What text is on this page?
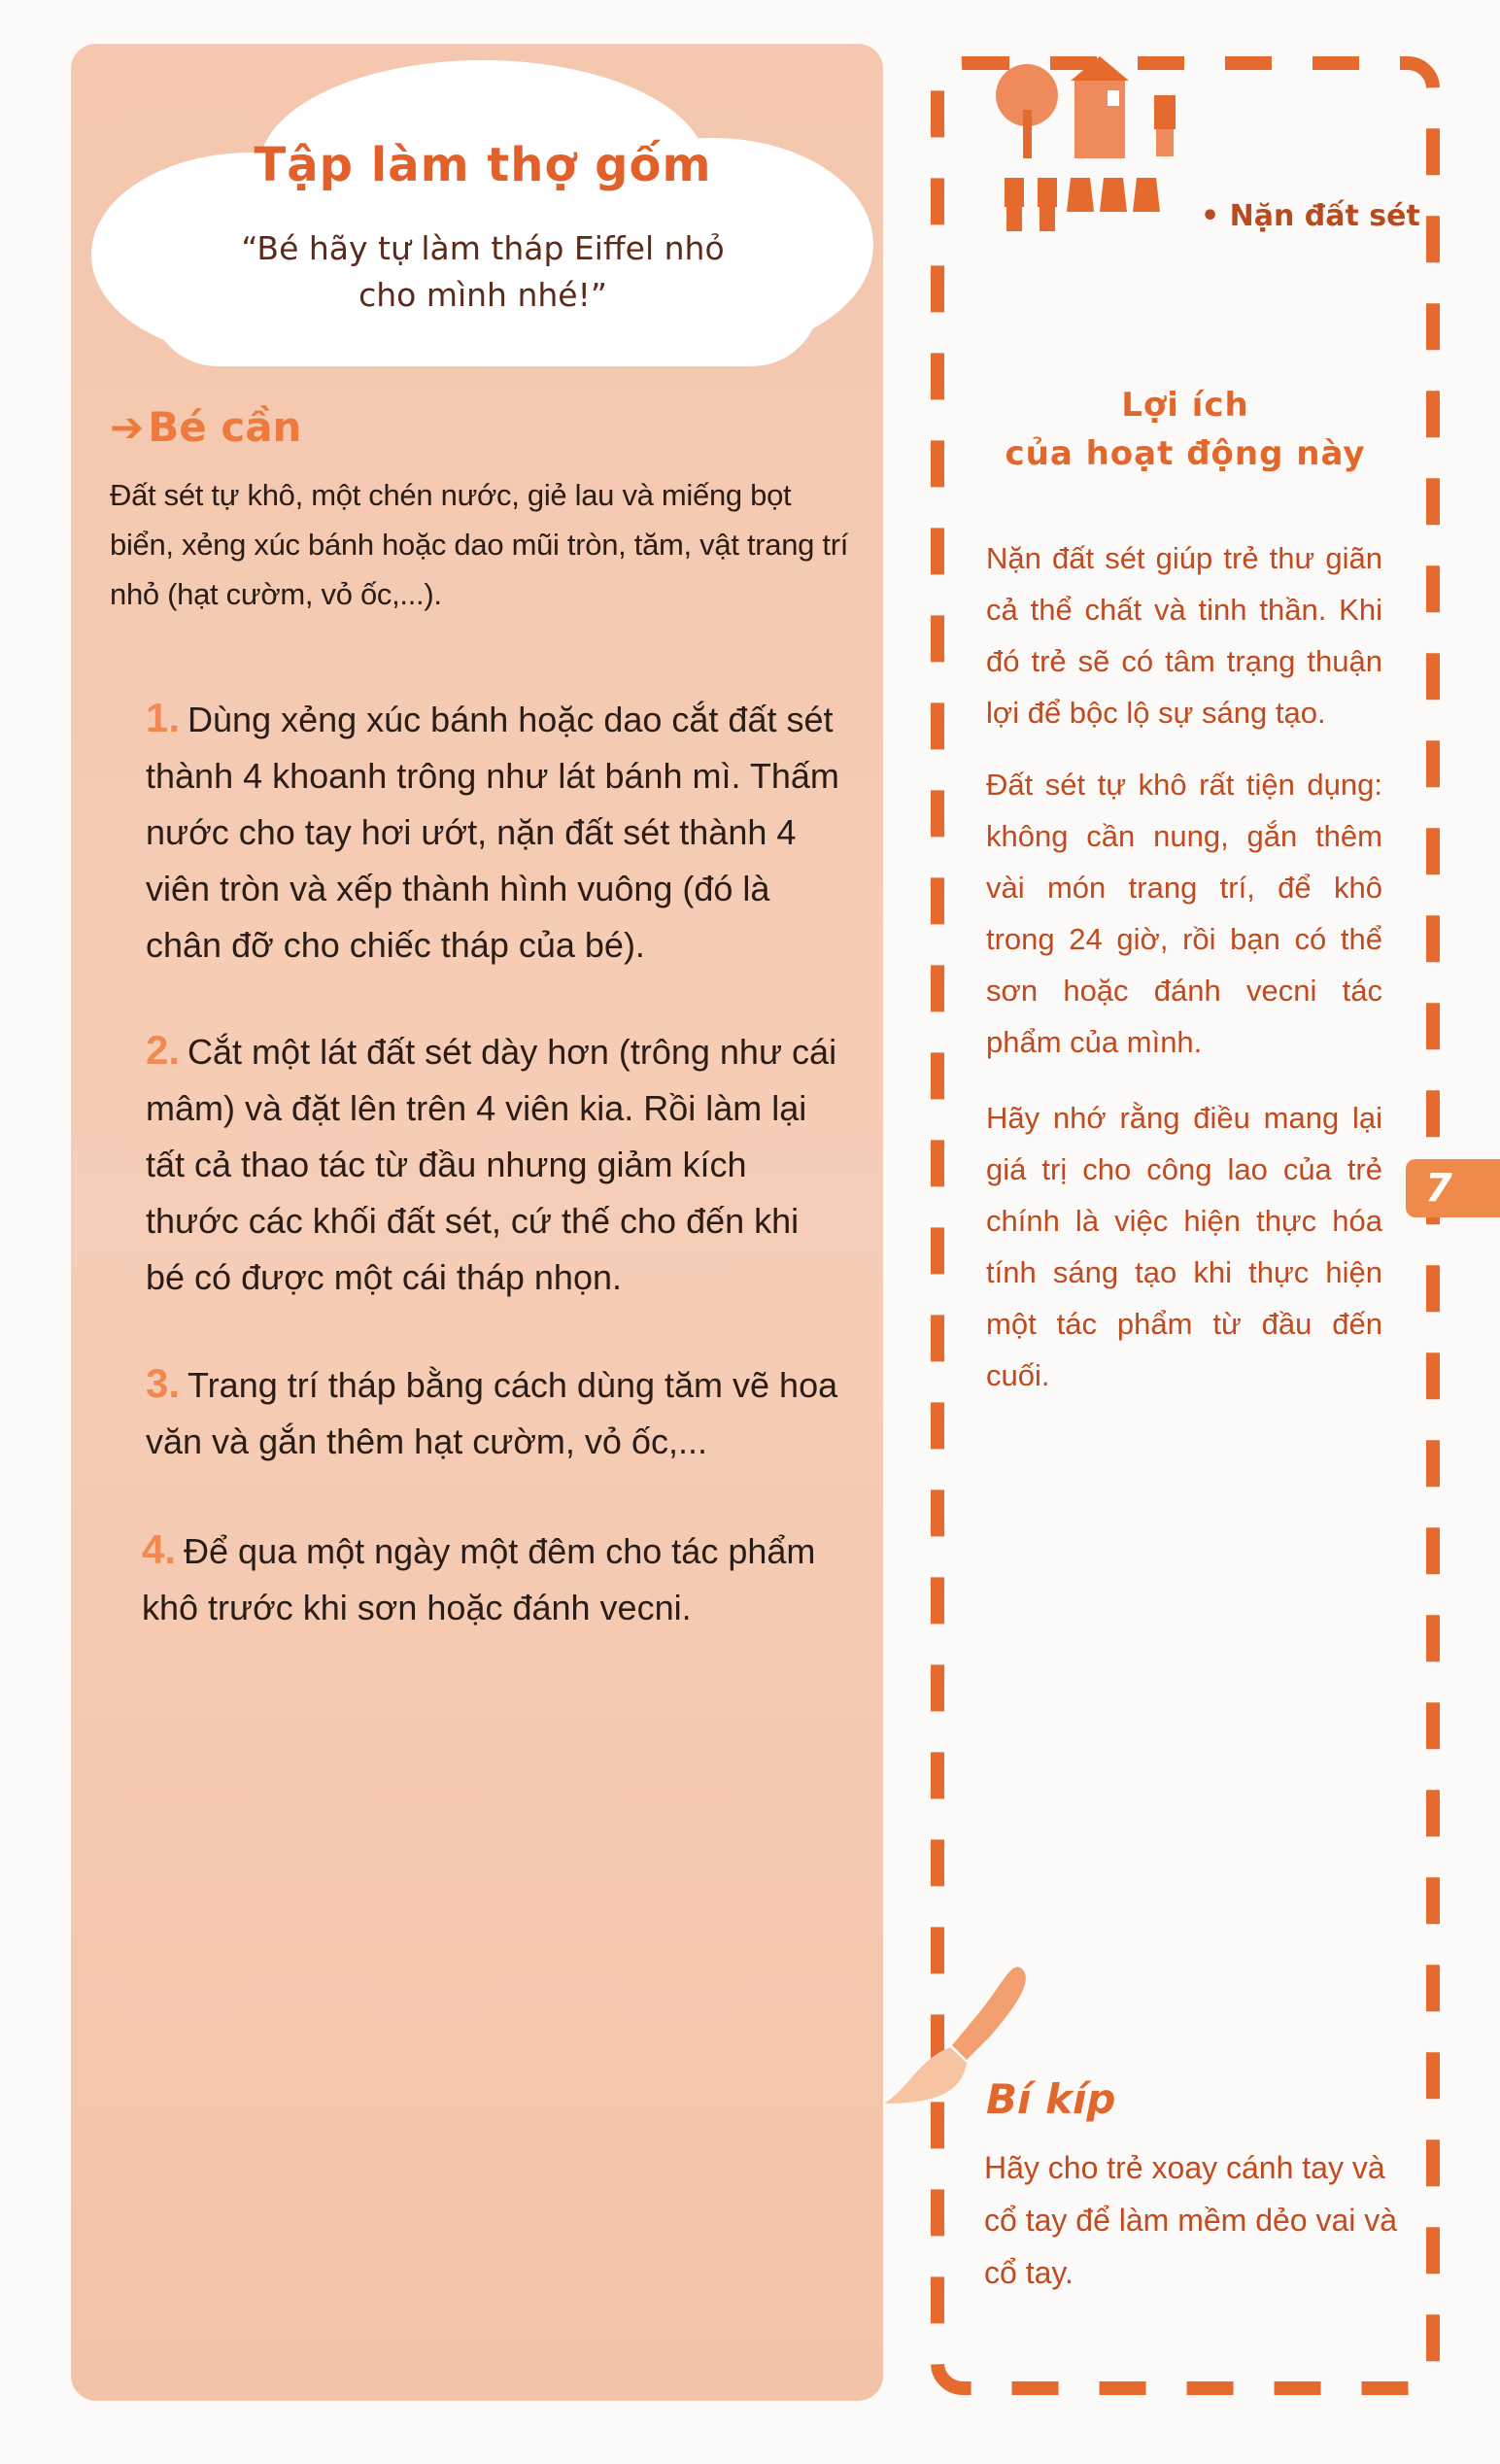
Tập làm thợ gốm
“Bé hãy tự làm tháp Eiffel nhỏ
cho mình nhé!”
➔Bé cần
Đất sét tự khô, một chén nước, giẻ lau và miếng bọt biển, xẻng xúc bánh hoặc dao mũi tròn, tăm, vật trang trí nhỏ (hạt cườm, vỏ ốc,...).
1. Dùng xẻng xúc bánh hoặc dao cắt đất sét thành 4 khoanh trông như lát bánh mì. Thấm nước cho tay hơi ướt, nặn đất sét thành 4 viên tròn và xếp thành hình vuông (đó là chân đỡ cho chiếc tháp của bé).
2. Cắt một lát đất sét dày hơn (trông như cái mâm) và đặt lên trên 4 viên kia. Rồi làm lại tất cả thao tác từ đầu nhưng giảm kích thước các khối đất sét, cứ thế cho đến khi bé có được một cái tháp nhọn.
3. Trang trí tháp bằng cách dùng tăm vẽ hoa văn và gắn thêm hạt cườm, vỏ ốc,...
4. Để qua một ngày một đêm cho tác phẩm khô trước khi sơn hoặc đánh vecni.
• Nặn đất sét
Lợi ích
của hoạt động này
Nặn đất sét giúp trẻ thư giãn cả thể chất và tinh thần. Khi đó trẻ sẽ có tâm trạng thuận lợi để bộc lộ sự sáng tạo.
Đất sét tự khô rất tiện dụng: không cần nung, gắn thêm vài món trang trí, để khô trong 24 giờ, rồi bạn có thể sơn hoặc đánh vecni tác phẩm của mình.
Hãy nhớ rằng điều mang lại giá trị cho công lao của trẻ chính là việc hiện thực hóa tính sáng tạo khi thực hiện một tác phẩm từ đầu đến cuối.
7
Bí kíp
Hãy cho trẻ xoay cánh tay và cổ tay để làm mềm dẻo vai và cổ tay.
